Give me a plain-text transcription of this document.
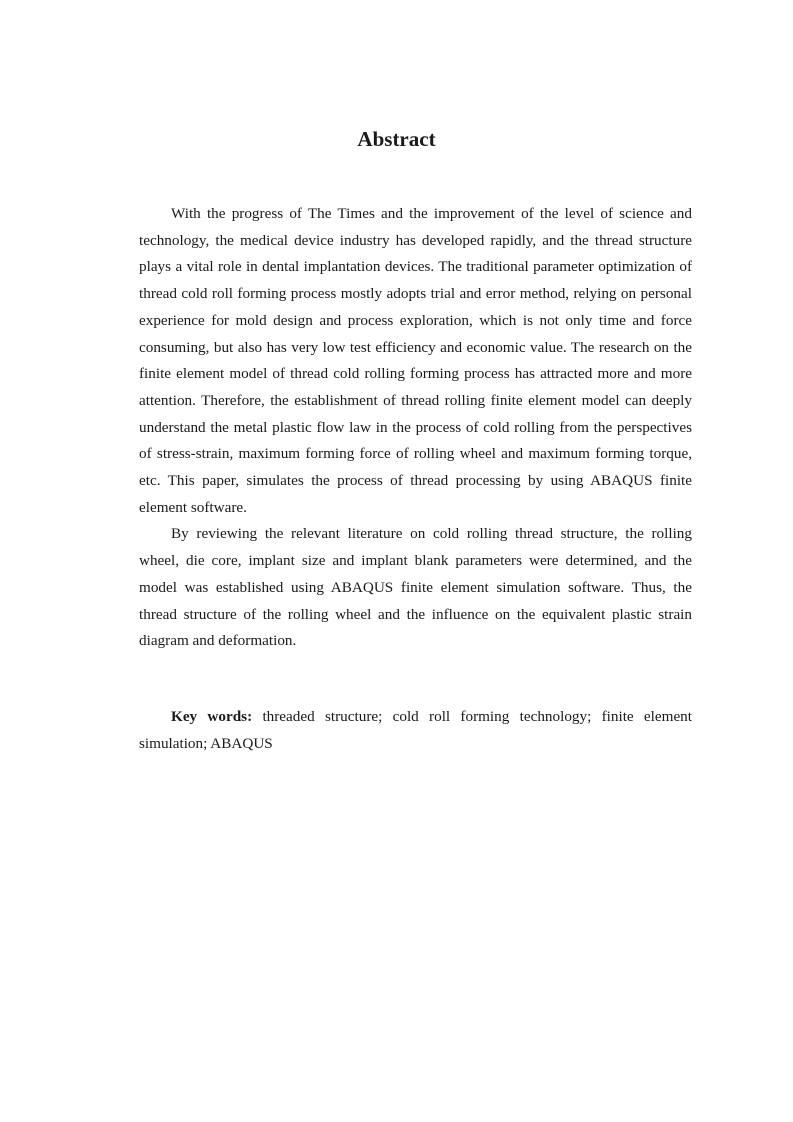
Abstract

With the progress of The Times and the improvement of the level of science and technology, the medical device industry has developed rapidly, and the thread structure plays a vital role in dental implantation devices. The traditional parameter optimization of thread cold roll forming process mostly adopts trial and error method, relying on personal experience for mold design and process exploration, which is not only time and force consuming, but also has very low test efficiency and economic value. The research on the finite element model of thread cold rolling forming process has attracted more and more attention. Therefore, the establishment of thread rolling finite element model can deeply understand the metal plastic flow law in the process of cold rolling from the perspectives of stress-strain, maximum forming force of rolling wheel and maximum forming torque, etc. This paper, simulates the process of thread processing by using ABAQUS finite element software.

By reviewing the relevant literature on cold rolling thread structure, the rolling wheel, die core, implant size and implant blank parameters were determined, and the model was established using ABAQUS finite element simulation software. Thus, the thread structure of the rolling wheel and the influence on the equivalent plastic strain diagram and deformation.

Key words: threaded structure; cold roll forming technology; finite element simulation; ABAQUS
